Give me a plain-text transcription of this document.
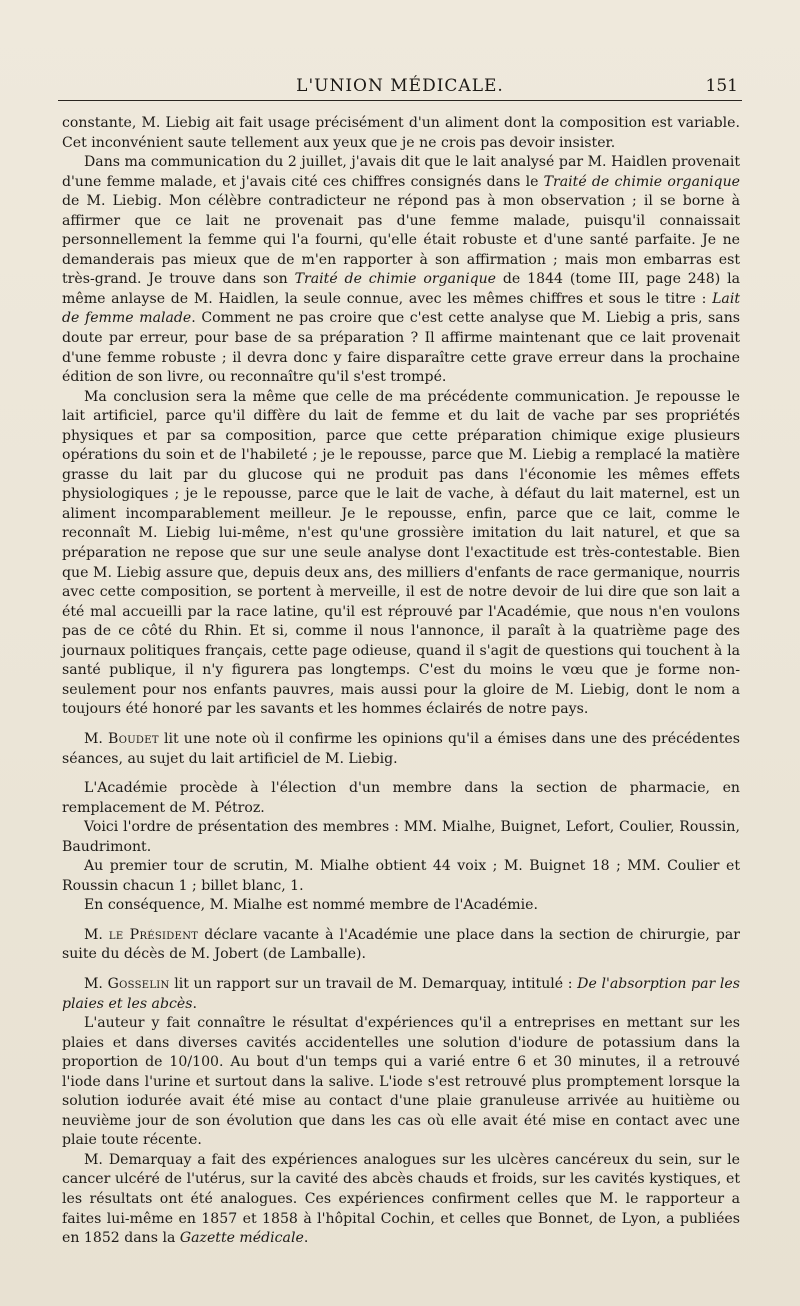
L'UNION MÉDICALE.	151

constante, M. Liebig ait fait usage précisément d'un aliment dont la composition est variable. Cet inconvénient saute tellement aux yeux que je ne crois pas devoir insister.

Dans ma communication du 2 juillet, j'avais dit que le lait analysé par M. Haidlen provenait d'une femme malade, et j'avais cité ces chiffres consignés dans le Traité de chimie organique de M. Liebig. Mon célèbre contradicteur ne répond pas à mon observation ; il se borne à affirmer que ce lait ne provenait pas d'une femme malade, puisqu'il connaissait personnellement la femme qui l'a fourni, qu'elle était robuste et d'une santé parfaite. Je ne demanderais pas mieux que de m'en rapporter à son affirmation ; mais mon embarras est très-grand. Je trouve dans son Traité de chimie organique de 1844 (tome III, page 248) la même anlayse de M. Haidlen, la seule connue, avec les mêmes chiffres et sous le titre : Lait de femme malade. Comment ne pas croire que c'est cette analyse que M. Liebig a pris, sans doute par erreur, pour base de sa préparation ? Il affirme maintenant que ce lait provenait d'une femme robuste ; il devra donc y faire disparaître cette grave erreur dans la prochaine édition de son livre, ou reconnaître qu'il s'est trompé.

Ma conclusion sera la même que celle de ma précédente communication. Je repousse le lait artificiel, parce qu'il diffère du lait de femme et du lait de vache par ses propriétés physiques et par sa composition, parce que cette préparation chimique exige plusieurs opérations du soin et de l'habileté ; je le repousse, parce que M. Liebig a remplacé la matière grasse du lait par du glucose qui ne produit pas dans l'économie les mêmes effets physiologiques ; je le repousse, parce que le lait de vache, à défaut du lait maternel, est un aliment incomparablement meilleur. Je le repousse, enfin, parce que ce lait, comme le reconnaît M. Liebig lui-même, n'est qu'une grossière imitation du lait naturel, et que sa préparation ne repose que sur une seule analyse dont l'exactitude est très-contestable. Bien que M. Liebig assure que, depuis deux ans, des milliers d'enfants de race germanique, nourris avec cette composition, se portent à merveille, il est de notre devoir de lui dire que son lait a été mal accueilli par la race latine, qu'il est réprouvé par l'Académie, que nous n'en voulons pas de ce côté du Rhin. Et si, comme il nous l'annonce, il paraît à la quatrième page des journaux politiques français, cette page odieuse, quand il s'agit de questions qui touchent à la santé publique, il n'y figurera pas longtemps. C'est du moins le vœu que je forme non-seulement pour nos enfants pauvres, mais aussi pour la gloire de M. Liebig, dont le nom a toujours été honoré par les savants et les hommes éclairés de notre pays.

M. Boudet lit une note où il confirme les opinions qu'il a émises dans une des précédentes séances, au sujet du lait artificiel de M. Liebig.

L'Académie procède à l'élection d'un membre dans la section de pharmacie, en remplacement de M. Pétroz.

Voici l'ordre de présentation des membres : MM. Mialhe, Buignet, Lefort, Coulier, Roussin, Baudrimont.

Au premier tour de scrutin, M. Mialhe obtient 44 voix ; M. Buignet 18 ; MM. Coulier et Roussin chacun 1 ; billet blanc, 1.

En conséquence, M. Mialhe est nommé membre de l'Académie.

M. le Président déclare vacante à l'Académie une place dans la section de chirurgie, par suite du décès de M. Jobert (de Lamballe).

M. Gosselin lit un rapport sur un travail de M. Demarquay, intitulé : De l'absorption par les plaies et les abcès.

L'auteur y fait connaître le résultat d'expériences qu'il a entreprises en mettant sur les plaies et dans diverses cavités accidentelles une solution d'iodure de potassium dans la proportion de 10/100. Au bout d'un temps qui a varié entre 6 et 30 minutes, il a retrouvé l'iode dans l'urine et surtout dans la salive. L'iode s'est retrouvé plus promptement lorsque la solution iodurée avait été mise au contact d'une plaie granuleuse arrivée au huitième ou neuvième jour de son évolution que dans les cas où elle avait été mise en contact avec une plaie toute récente.

M. Demarquay a fait des expériences analogues sur les ulcères cancéreux du sein, sur le cancer ulcéré de l'utérus, sur la cavité des abcès chauds et froids, sur les cavités kystiques, et les résultats ont été analogues. Ces expériences confirment celles que M. le rapporteur a faites lui-même en 1857 et 1858 à l'hôpital Cochin, et celles que Bonnet, de Lyon, a publiées en 1852 dans la Gazette médicale.
